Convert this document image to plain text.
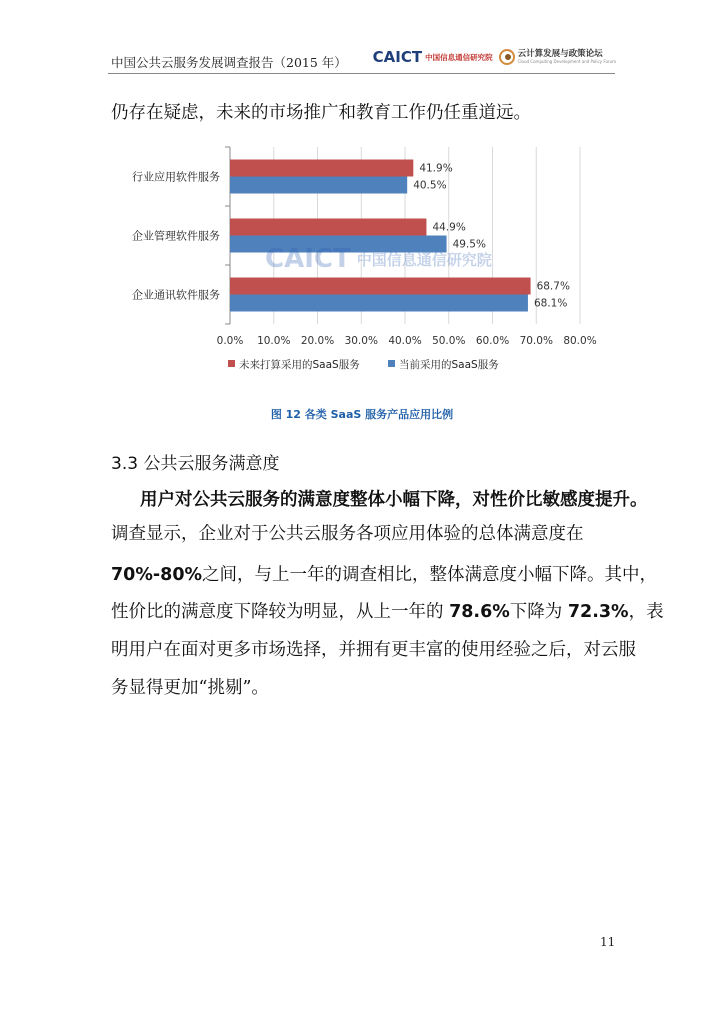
中国公共云服务发展调查报告（2015 年） CAICT 中国信息通信研究院	云计算发展与政策论坛
Cloud Computing Development and Policy Forum
仍存在疑虑，未来的市场推广和教育工作仍任重道远。
0.0% 10.0% 20.0% 30.0% 40.0% 50.0% 60.0% 70.0% 80.0%
行业应用软件服务
41.9%
40.5%
企业管理软件服务
44.9%
49.5%
企业通讯软件服务
68.7%
68.1%
未来打算采用的SaaS服务	当前采用的SaaS服务
CAICT 中国信息通信研究院
图 12 各类 SaaS 服务产品应用比例
3.3 公共云服务满意度
用户对公共云服务的满意度整体小幅下降，对性价比敏感度提升。
调查显示，企业对于公共云服务各项应用体验的总体满意度在
70%-80%之间，与上一年的调查相比，整体满意度小幅下降。其中，
性价比的满意度下降较为明显，从上一年的 78.6%下降为 72.3%，表
明用户在面对更多市场选择，并拥有更丰富的使用经验之后，对云服
务显得更加“挑剔”。
11
